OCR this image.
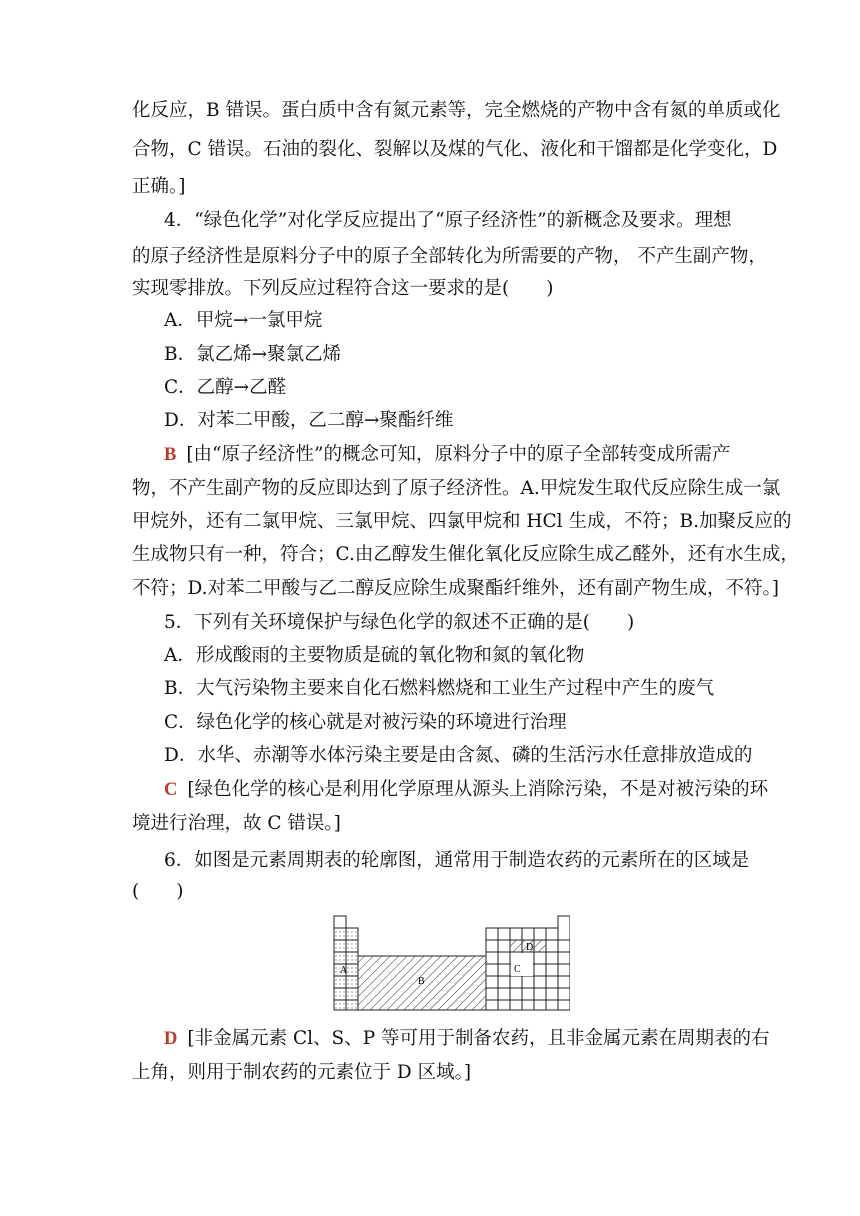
化反应，B 错误。蛋白质中含有氮元素等，完全燃烧的产物中含有氮的单质或化
合物，C 错误。石油的裂化、裂解以及煤的气化、液化和干馏都是化学变化，D
正确。]
4．“绿色化学”对化学反应提出了“原子经济性”的新概念及要求。理想
的原子经济性是原料分子中的原子全部转化为所需要的产物， 不产生副产物，
实现零排放。下列反应过程符合这一要求的是(　　)
A．甲烷→一氯甲烷
B．氯乙烯→聚氯乙烯
C．乙醇→乙醛
D．对苯二甲酸，乙二醇→聚酯纤维
B [由“原子经济性”的概念可知，原料分子中的原子全部转变成所需产
物，不产生副产物的反应即达到了原子经济性。A.甲烷发生取代反应除生成一氯
甲烷外，还有二氯甲烷、三氯甲烷、四氯甲烷和 HCl 生成，不符；B.加聚反应的
生成物只有一种，符合；C.由乙醇发生催化氧化反应除生成乙醛外，还有水生成，
不符；D.对苯二甲酸与乙二醇反应除生成聚酯纤维外，还有副产物生成，不符。]
5．下列有关环境保护与绿色化学的叙述不正确的是(　　)
A．形成酸雨的主要物质是硫的氧化物和氮的氧化物
B．大气污染物主要来自化石燃料燃烧和工业生产过程中产生的废气
C．绿色化学的核心就是对被污染的环境进行治理
D．水华、赤潮等水体污染主要是由含氮、磷的生活污水任意排放造成的
C [绿色化学的核心是利用化学原理从源头上消除污染，不是对被污染的环
境进行治理，故 C 错误。]
6．如图是元素周期表的轮廓图，通常用于制造农药的元素所在的区域是
(　　)
A
B
C
D
D [非金属元素 Cl、S、P 等可用于制备农药，且非金属元素在周期表的右
上角，则用于制农药的元素位于 D 区域。]
